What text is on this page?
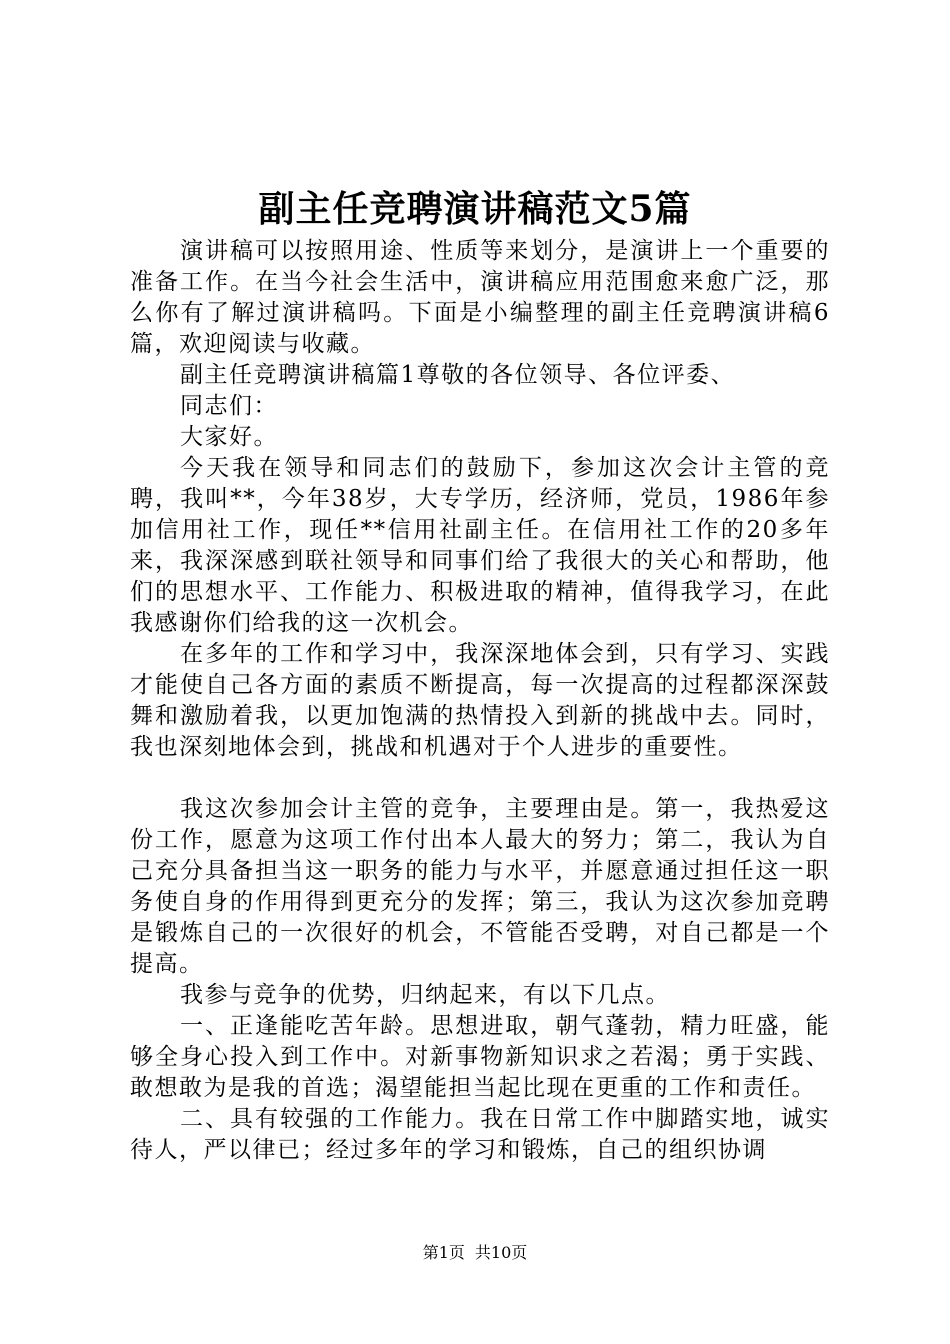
副主任竞聘演讲稿范文5篇

演讲稿可以按照用途、性质等来划分，是演讲上一个重要的准备工作。在当今社会生活中，演讲稿应用范围愈来愈广泛，那么你有了解过演讲稿吗。下面是小编整理的副主任竞聘演讲稿6篇，欢迎阅读与收藏。

副主任竞聘演讲稿篇1尊敬的各位领导、各位评委、

同志们：

大家好。

今天我在领导和同志们的鼓励下，参加这次会计主管的竞聘，我叫**，今年38岁，大专学历，经济师，党员，1986年参加信用社工作，现任**信用社副主任。在信用社工作的20多年来，我深深感到联社领导和同事们给了我很大的关心和帮助，他们的思想水平、工作能力、积极进取的精神，值得我学习，在此我感谢你们给我的这一次机会。

在多年的工作和学习中，我深深地体会到，只有学习、实践才能使自己各方面的素质不断提高，每一次提高的过程都深深鼓舞和激励着我，以更加饱满的热情投入到新的挑战中去。同时，我也深刻地体会到，挑战和机遇对于个人进步的重要性。

我这次参加会计主管的竞争，主要理由是。第一，我热爱这份工作，愿意为这项工作付出本人最大的努力；第二，我认为自己充分具备担当这一职务的能力与水平，并愿意通过担任这一职务使自身的作用得到更充分的发挥；第三，我认为这次参加竞聘是锻炼自己的一次很好的机会，不管能否受聘，对自己都是一个提高。

我参与竞争的优势，归纳起来，有以下几点。

一、正逢能吃苦年龄。思想进取，朝气蓬勃，精力旺盛，能够全身心投入到工作中。对新事物新知识求之若渴；勇于实践、敢想敢为是我的首选；渴望能担当起比现在更重的工作和责任。

二、具有较强的工作能力。我在日常工作中脚踏实地，诚实待人，严以律已；经过多年的学习和锻炼，自己的组织协调

第1页 共10页
